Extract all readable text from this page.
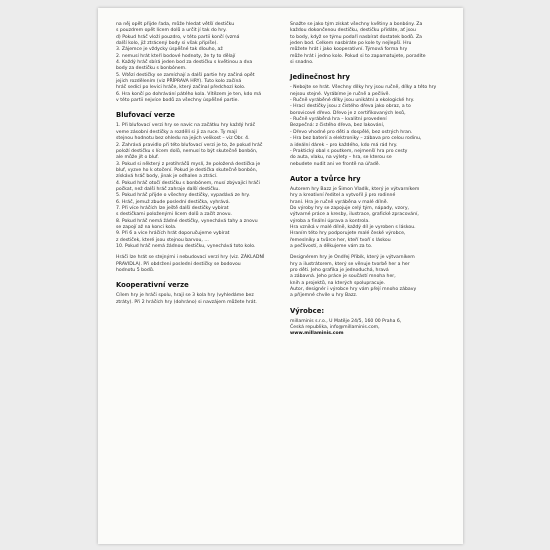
na něj opět přijde řada, může hledat větší destičku

s pouzdrem opět lícem dolů a určit jí tak do hry.

d) Pokud hráč vloží pouzdro, v této partii končí (vzmá

další kolo, již ztrácený body si však připíše).

3. Zájemce je vždycky úspěšné tak dlouho, až

2. nemusí hrát kteří bodové hodnoty, že ty to dělají

4. Každý hráč sbírá jeden bod za destičku s květinou a dva

body za destičku s bonbónem.

5. Vítězí destičky se zamíchají a další partie hry začíná opět

jejich rozdělením (viz PŘÍPRAVA HRY). Tuto kolo začíná

hráč sedící po levici hráče, který začínal předchozí kolo.

6. Hra končí po dohrávání pátého kola. Vítězem je ten, kdo má

v této partii nejvíce bodů za všechny úspěšné partie.

Blufovací verze

1. Při blufovací verzi hry se navíc na začátku hry každý hráč

veme zásobní destičky a rozdělí si ji za ruce. Ty mají

stejnou hodnotu bez ohledu na jejich velikost – viz Obr. 4.

2. Zahrává pravidlo při této blufovací verzi je to, že pokud hráč

položí destičku s lícem dolů, nemusí to být skutečně bonbón,

ale může jít o bluf.

3. Pokud si některý z protihráčů myslí, že položená destička je

bluf, vyzve ho k otočení. Pokud je destička skutečně bonbón,

získává hráč body, jinak je odhalen a ztrácí.

4. Pokud hráč otočí destičku s bonbónem, musí zbývající hráči

počkat, než další hráč zahraje další destičku.

5. Pokud hráč přijde o všechny destičky, vypadává ze hry.

6. Hráč, jemuž zbude poslední destička, vyhrává.

7. Při více hráčích lze ještě další destičky vybírat

s destičkami položenými lícem dolů a začít znovu.

8. Pokud hráč nemá žádné destičky, vynechává tahy a znovu

se zapojí až na konci kola.

9. Při 6 a více hráčích hrát doporučujeme vybírat

z destiček, které jsou stejnou barvou, ...

10. Pokud hráč nemá žádnou destičku, vynechává toto kolo.

Hráči lze hrát se stejnými i nebudovací verzí hry (viz. ZÁKLADNÍ

PRAVIDLA). Při obdržení poslední destičky se bodovou

hodnotu 5 bodů.

Kooperativní verze

Cílem hry je hráči spolu, hrají se 3 kola hry (vyhledáme bez

ztráty). Při 2 hráčích hry (dohráno) si navzájem můžete hrát.

Snažte se jako tým získat všechny květiny a bonbóny. Za

každou dokončenou destičku, destičku přidáte, ať jsou

to body, když se týmu podaří nasbírat dostatek bodů. Za

jeden bod. Celkem nasbíráte po kole ty nejlepší. Hru

můžete hrát i jako kooperativní. Týmová forma hry

může hrát i jedno kolo. Pokud si to zapamatujete, poradíte

si snadno.

Jedinečnost hry

- Nebojte se hrát. Všechny dílky hry jsou ručně, dílky a této hry

nejsou stejné. Vyrábíme je ručně a pečlivě.

- Ručně vyráběné dílky jsou unikátní a ekologické hry.

- Hrací destičky jsou z čistého dřeva jako obraz, a to

borovicové dřevo. Dřevo je z certifikovaných lesů,

- Ručně vyráběná hra – kvalitní provedení

Bezpečná: z čistého dřeva, bez lakování,

- Dřevo vhodné pro děti a dospělé, bez ostrých hran.

- Hra bez baterií a elektroniky – zábava pro celou rodinu,

a ideální dárek – pro každého, kdo má rád hry.

- Praktický obal s poutkem, nejmenší hra pro cesty

do auta, vlaku, na výlety – hra, se kterou se

nebudete nudit ani ve frontě na úřadě.

Autor a tvůrce hry

Autorem hry Bazz je Šimon Vladík, který je výtvarníkem

hry a kreativní ředitel a vytvořil ji pro rodinné

hraní. Hra je ručně vyráběna v malé dílně.

Do výroby hry se zapojuje celý tým, nápady, vzory,

výtvarné práce a kresby, ilustrace, grafické zpracování,

výroba a finální úprava a kontrola.

Hra vzniká v malé dílně, každý díl je vyroben s láskou.

Hraním této hry podporujete malé české výrobce,

řemeslníky a tvůrce her, kteří tvoří s láskou

a pečlivostí, a děkujeme vám za to.

Designérem hry je Ondřej Přibík, který je výtvarníkem

hry a ilustrátorem, který se věnuje tvorbě her a her

pro děti. Jeho grafika je jednoduchá, hravá

a zábavná. Jeho práce je součástí mnoha her,

knih a projektů, na kterých spolupracuje.

Autor, designér i výrobce hry vám přejí mnoho zábavy

a příjemné chvíle u hry Bazz.

Výrobce:

millaminis s.r.o., U Matěje 24/5, 160 00 Praha 6,

Česká republika, info@millaminis.com,

www.millaminis.com
